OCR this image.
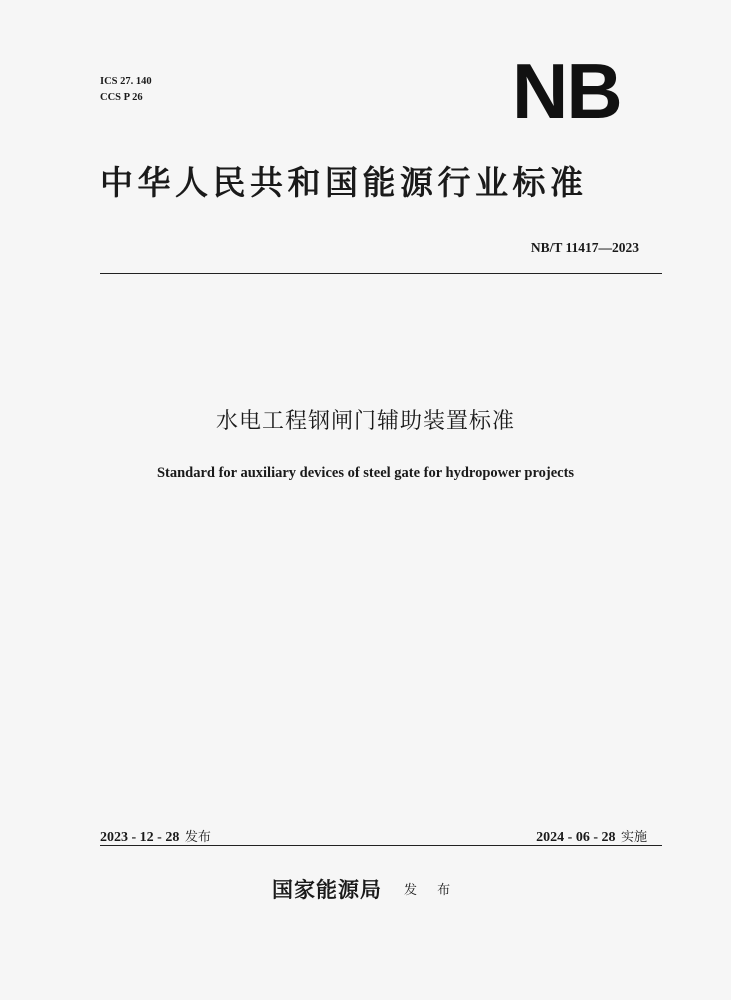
ICS 27. 140
CCS P 26	NB
中华人民共和国能源行业标准
NB/T 11417—2023
水电工程钢闸门辅助装置标准
Standard for auxiliary devices of steel gate for hydropower projects
2023 - 12 - 28 发布	2024 - 06 - 28 实施
国家能源局 发 布
